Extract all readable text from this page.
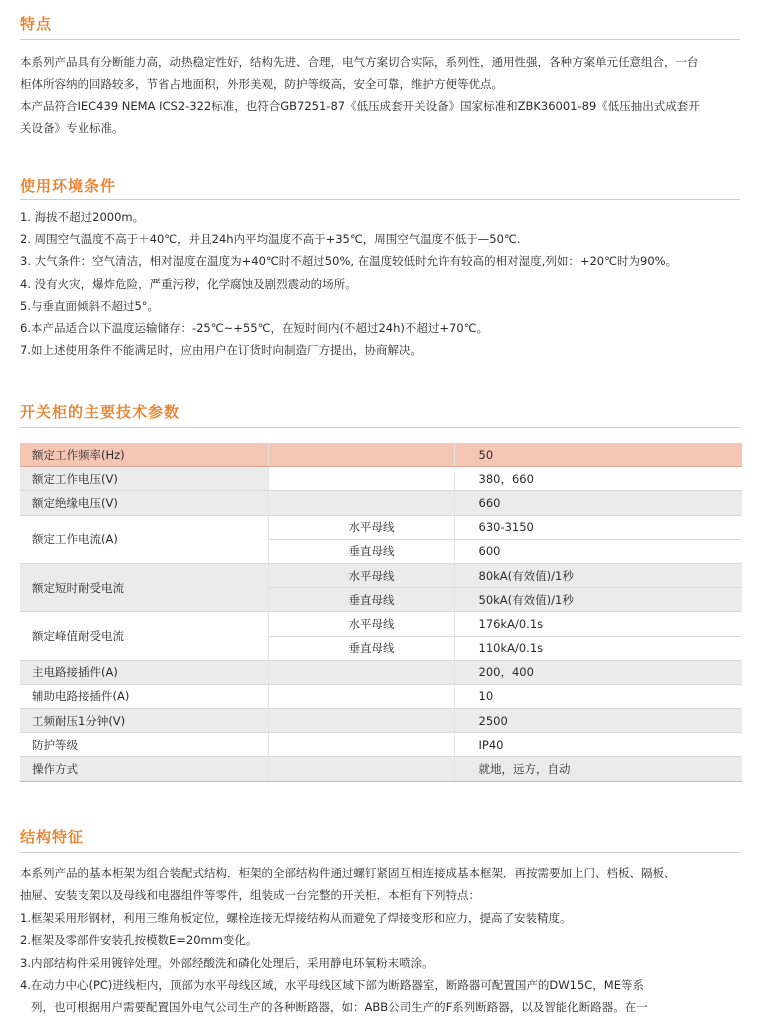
特点

本系列产品具有分断能力高，动热稳定性好，结构先进、合理，电气方案切合实际，系列性，通用性强，各种方案单元任意组合，一台

柜体所容纳的回路较多，节省占地面积，外形美观，防护等级高，安全可靠，维护方便等优点。

本产品符合IEC439 NEMA ICS2-322标准，也符合GB7251-87《低压成套开关设备》国家标准和ZBK36001-89《低压抽出式成套开

关设备》专业标准。

使用环境条件

1. 海拔不超过2000m。

2. 周围空气温度不高于＋40℃，并且24h内平均温度不高于+35℃，周围空气温度不低于—50℃.

3. 大气条件：空气清洁，相对湿度在温度为+40℃时不超过50%, 在温度较低时允许有较高的相对湿度,列如：+20℃时为90%。

4. 没有火灾，爆炸危险，严重污秽，化学腐蚀及剧烈震动的场所。

5.与垂直面倾斜不超过5°。

6.本产品适合以下温度运输储存：-25℃~+55℃，在短时间内(不超过24h)不超过+70℃。

7.如上述使用条件不能满足时，应由用户在订货时向制造厂方提出，协商解决。

开关柜的主要技术参数
额定工作频率(Hz)		50
额定工作电压(V)		380，660
额定绝缘电压(V)		660
额定工作电流(A)	水平母线	630-3150
	垂直母线	600
额定短时耐受电流	水平母线	80kA(有效值)/1秒
	垂直母线	50kA(有效值)/1秒
额定峰值耐受电流	水平母线	176kA/0.1s
	垂直母线	110kA/0.1s
主电路接插件(A)		200，400
辅助电路接插件(A)		10
工频耐压1分钟(V)		2500
防护等级		IP40
操作方式		就地，远方，自动
结构特征

本系列产品的基本柜架为组合装配式结构．柜架的全部结构件通过螺钉紧固互相连接成基本框架．再按需要加上门、档板、隔板、

抽屉、安装支架以及母线和电器组件等零件，组装成一台完整的开关柜．本柜有下列特点：

1.框架采用形钢材，利用三维角板定位，螺栓连接无焊接结构从而避免了焊接变形和应力，提高了安装精度。

2.框架及零部件安装孔按模数E=20mm变化。

3.内部结构件采用镀锌处理。外部经酸洗和磷化处理后，采用静电环氧粉末喷涂。

4.在动力中心(PC)进线柜内，顶部为水平母线区域，水平母线区域下部为断路器室，断路器可配置国产的DW15C，ME等系

列，也可根据用户需要配置国外电气公司生产的各种断路器，如：ABB公司生产的F系列断路器，以及智能化断路器。在一
